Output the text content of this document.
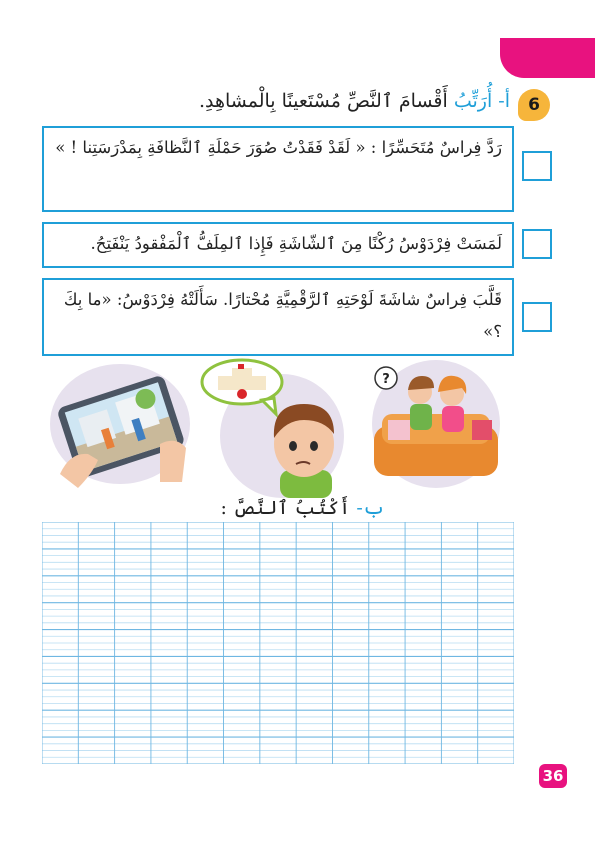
6
أ- أُرَتِّبُ أَقْسامَ ٱلنَّصِّ مُسْتَعينًا بِالْمشاهِدِ.
رَدَّ فِراسٌ مُتَحَسِّرًا : « لَقَدْ فَقَدْتُ صُوَرَ حَمْلَةِ ٱلنَّظافَةِ بِمَدْرَسَتِنا ! »
لَمَسَتْ فِرْدَوْسُ رُكْنًا مِنَ ٱلشّاشَةِ فَإِذا ٱلمِلَفُّ ٱلْمَفْقودُ يَنْفَتِحُ.
قَلَّبَ فِراسٌ شاشَةَ لَوْحَتِهِ ٱلرَّقْمِيَّةِ مُحْتارًا. سَأَلَتْهُ فِرْدَوْسُ: «ما بِكَ ؟»
?
ب- أَكْتُبُ ٱلنَّصَّ :
36
